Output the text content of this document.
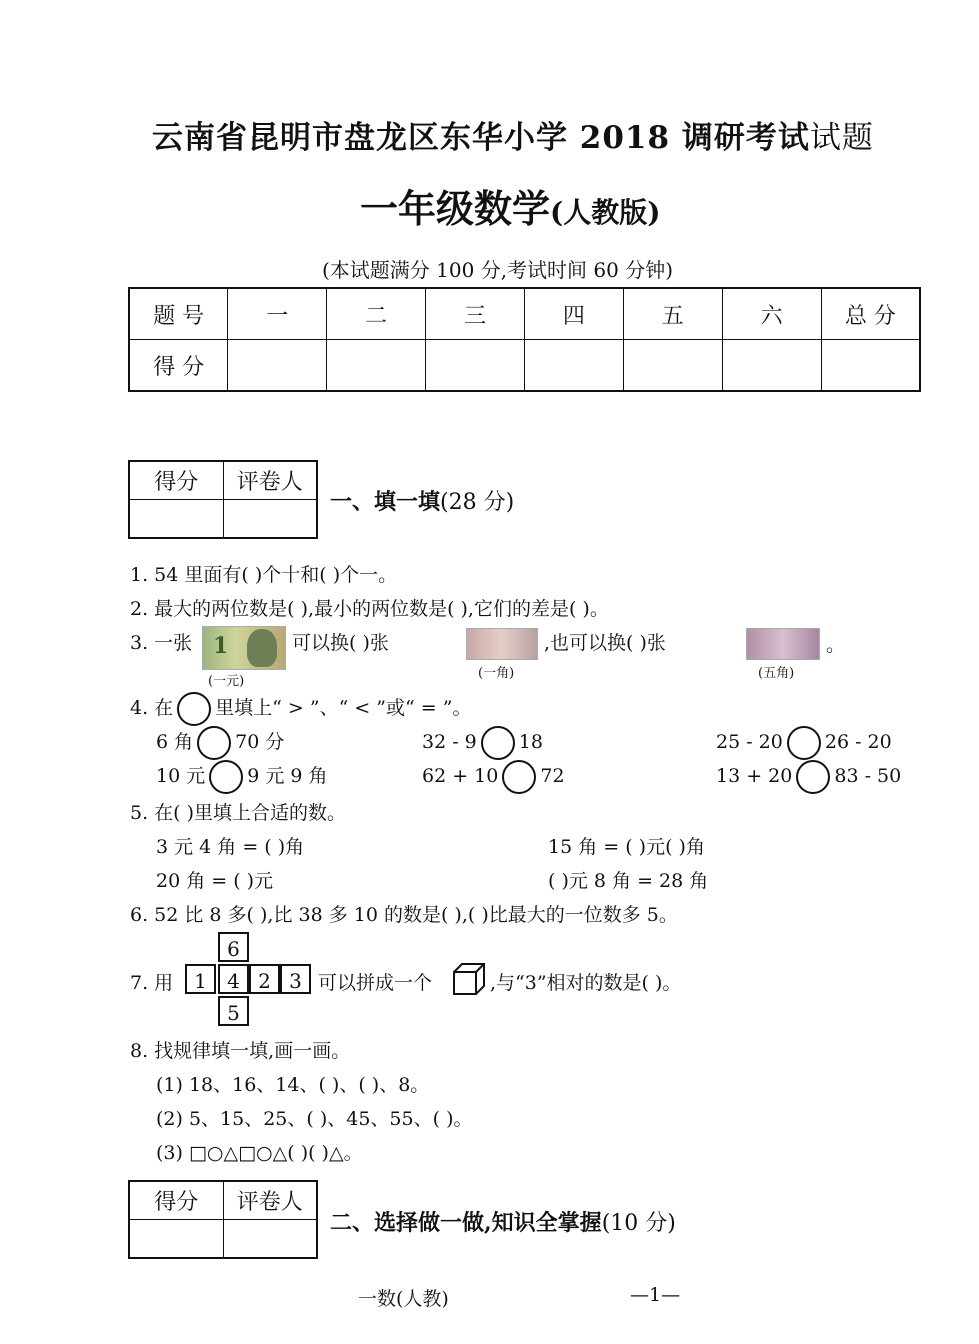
云南省昆明市盘龙区东华小学 2018 调研考试试题
一年级数学(人教版)
(本试题满分 100 分,考试时间 60 分钟)
题 号	一	二	三	四	五	六	总 分
得 分							
得分	评卷人

一、填一填(28 分)
1. 54 里面有( )个十和( )个一。
2. 最大的两位数是( ),最小的两位数是( ),它们的差是( )。
3. 一张 1
(一元)
可以换( )张
(一角)
,也可以换( )张
(五角)
。
4. 在 里填上“ > ”、“ < ”或“ = ”。
6 角 70 分	32 - 9 18	25 - 20 26 - 20
10 元 9 元 9 角	62 + 10 72	13 + 20 83 - 50
5. 在( )里填上合适的数。
3 元 4 角 = ( )角	15 角 = ( )元( )角
20 角 = ( )元	( )元 8 角 = 28 角
6. 52 比 8 多( ),比 38 多 10 的数是( ),( )比最大的一位数多 5。
7. 用
6
1	4 2 3
5
可以拼成一个	,与“3”相对的数是( )。
8. 找规律填一填,画一画。
(1) 18、16、14、( )、( )、8。
(2) 5、15、25、( )、45、55、( )。
(3) □○△□○△( )( )△。
得分	评卷人

二、选择做一做,知识全掌握(10 分)
一数(人教)	—1—
